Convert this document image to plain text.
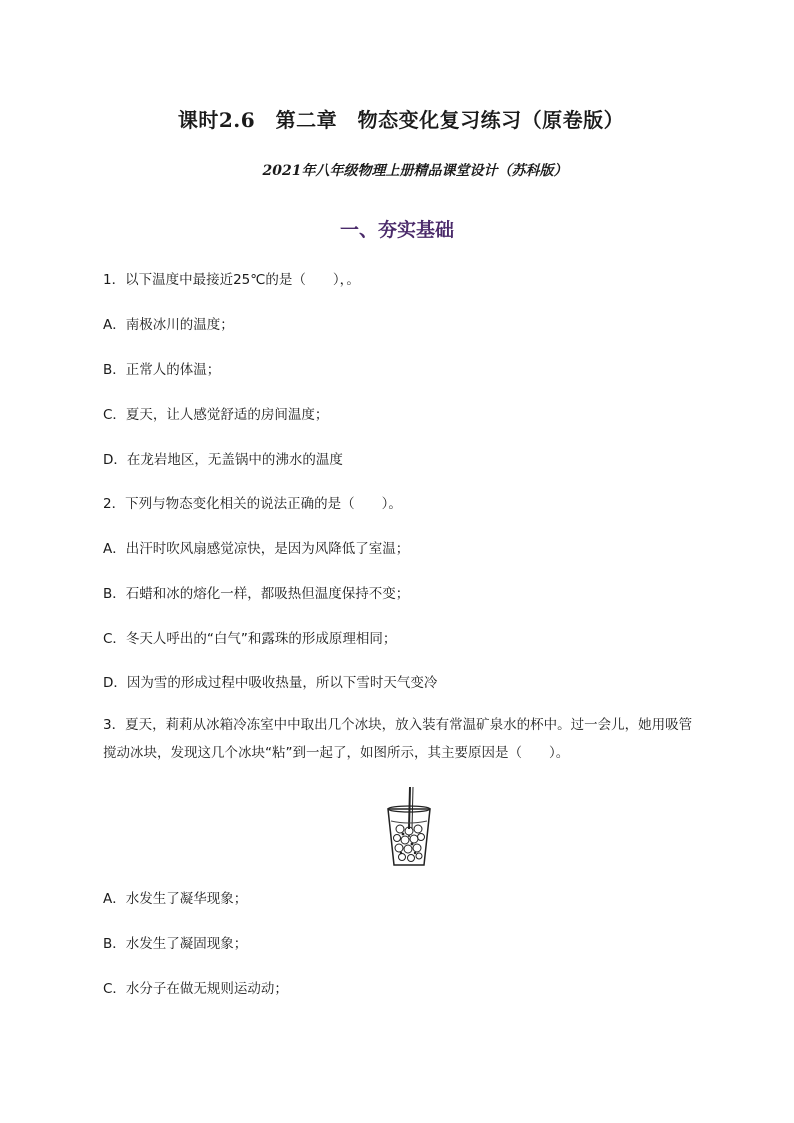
课时2.6　第二章　物态变化复习练习（原卷版）
2021年八年级物理上册精品课堂设计（苏科版）
一、夯实基础
1．以下温度中最接近25℃的是（　　），。
A．南极冰川的温度；
B．正常人的体温；
C．夏天，让人感觉舒适的房间温度；
D．在龙岩地区，无盖锅中的沸水的温度
2．下列与物态变化相关的说法正确的是（　　）。
A．出汗时吹风扇感觉凉快，是因为风降低了室温；
B．石蜡和冰的熔化一样，都吸热但温度保持不变；
C．冬天人呼出的“白气”和露珠的形成原理相同；
D．因为雪的形成过程中吸收热量，所以下雪时天气变冷
3．夏天，莉莉从冰箱冷冻室中中取出几个冰块，放入装有常温矿泉水的杯中。过一会儿，她用吸管搅动冰块，发现这几个冰块“粘”到一起了，如图所示，其主要原因是（　　）。
A．水发生了凝华现象；
B．水发生了凝固现象；
C．水分子在做无规则运动动；
